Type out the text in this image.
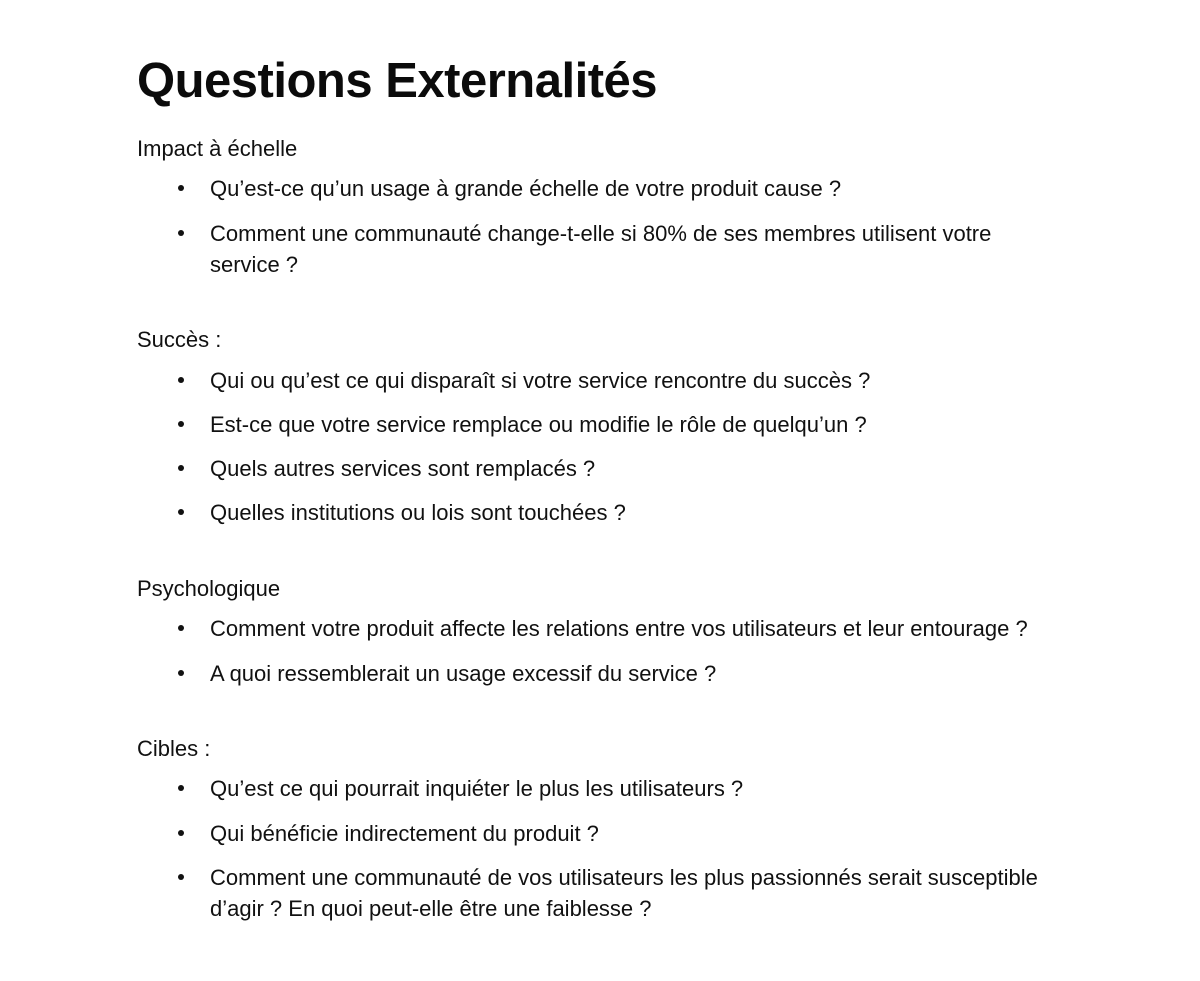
Questions Externalités
Impact à échelle
Qu’est-ce qu’un usage à grande échelle de votre produit cause ?
Comment une communauté change-t-elle si 80% de ses membres utilisent votre service ?
Succès :
Qui ou qu’est ce qui disparaît si votre service rencontre du succès ?
Est-ce que votre service remplace ou modifie le rôle de quelqu’un ?
Quels autres services sont remplacés ?
Quelles institutions ou lois sont touchées ?
Psychologique
Comment votre produit affecte les relations entre vos utilisateurs et leur entourage ?
A quoi ressemblerait un usage excessif du service ?
Cibles :
Qu’est ce qui pourrait inquiéter le plus les utilisateurs ?
Qui bénéficie indirectement du produit ?
Comment une communauté de vos utilisateurs les plus passionnés serait susceptible d’agir ? En quoi peut-elle être une faiblesse ?
